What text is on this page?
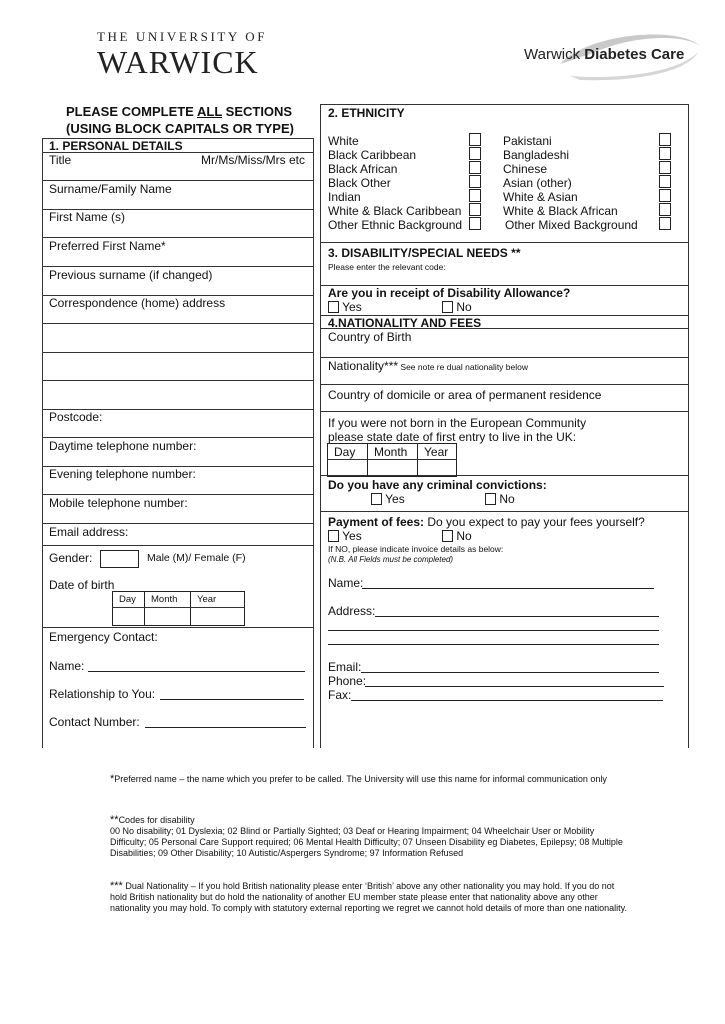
THE UNIVERSITY OF
WARWICK	Warwick Diabetes Care
PLEASE COMPLETE ALL SECTIONS
(USING BLOCK CAPITALS OR TYPE)
1. PERSONAL DETAILS
Title	Mr/Ms/Miss/Mrs etc
Surname/Family Name
First Name (s)
Preferred First Name*
Previous surname (if changed)
Correspondence (home) address
Postcode:
Daytime telephone number:
Evening telephone number:
Mobile telephone number:
Email address:
Gender:	Male (M)/ Female (F)
Date of birth
Day	Month	Year
Emergency Contact:
Name:
Relationship to You:
Contact Number:
2. ETHNICITY
White
Black Caribbean
Black African
Black Other
Indian
White & Black Caribbean
Other Ethnic Background
Pakistani
Bangladeshi
Chinese
Asian (other)
White & Asian
White & Black African
Other Mixed Background
3. DISABILITY/SPECIAL NEEDS **
Please enter the relevant code:
Are you in receipt of Disability Allowance?
Yes	No
4.NATIONALITY AND FEES
Country of Birth
Nationality*** See note re dual nationality below
Country of domicile or area of permanent residence
If you were not born in the European Community
please state date of first entry to live in the UK:
Day	Month	Year
Do you have any criminal convictions:
Yes	No
Payment of fees: Do you expect to pay your fees yourself?
Yes	No
If NO, please indicate invoice details as below:
(N.B. All Fields must be completed)
Name:
Address:
Email:
Phone:
Fax:
*Preferred name – the name which you prefer to be called. The University will use this name for informal communication only
**Codes for disability
00 No disability; 01 Dyslexia; 02 Blind or Partially Sighted; 03 Deaf or Hearing Impairment; 04 Wheelchair User or Mobility Difficulty; 05 Personal Care Support required; 06 Mental Health Difficulty; 07 Unseen Disability eg Diabetes, Epilepsy; 08 Multiple Disabilities; 09 Other Disability; 10 Autistic/Aspergers Syndrome; 97 Information Refused
*** Dual Nationality – If you hold British nationality please enter ‘British’ above any other nationality you may hold. If you do not hold British nationality but do hold the nationality of another EU member state please enter that nationality above any other nationality you may hold. To comply with statutory external reporting we regret we cannot hold details of more than one nationality.
